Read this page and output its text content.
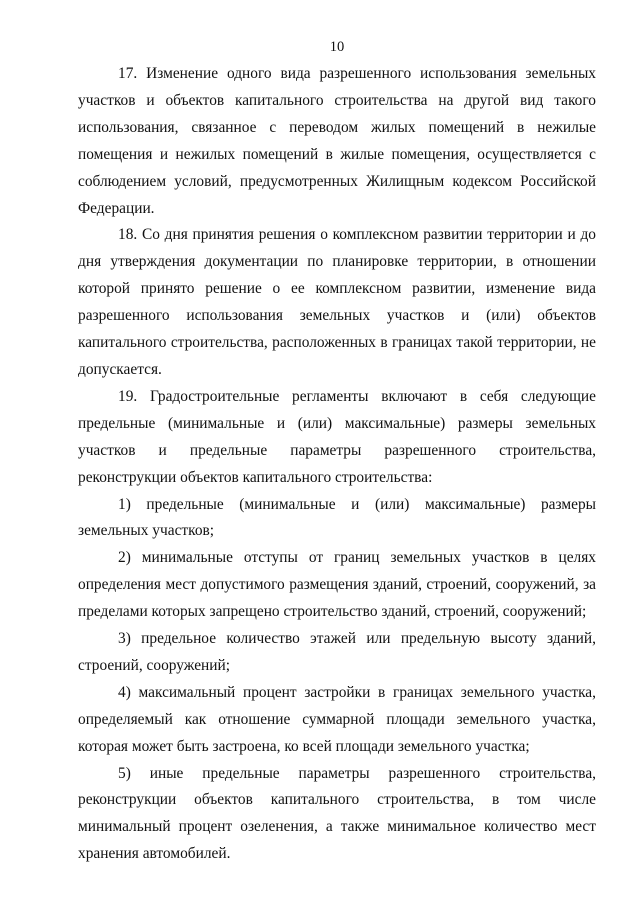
10

17. Изменение одного вида разрешенного использования земельных участков и объектов капитального строительства на другой вид такого использования, связанное с переводом жилых помещений в нежилые помещения и нежилых помещений в жилые помещения, осуществляется с соблюдением условий, предусмотренных Жилищным кодексом Российской Федерации.

18. Со дня принятия решения о комплексном развитии территории и до дня утверждения документации по планировке территории, в отношении которой принято решение о ее комплексном развитии, изменение вида разрешенного использования земельных участков и (или) объектов капитального строительства, расположенных в границах такой территории, не допускается.

19. Градостроительные регламенты включают в себя следующие предельные (минимальные и (или) максимальные) размеры земельных участков и предельные параметры разрешенного строительства, реконструкции объектов капитального строительства:

1) предельные (минимальные и (или) максимальные) размеры земельных участков;

2) минимальные отступы от границ земельных участков в целях определения мест допустимого размещения зданий, строений, сооружений, за пределами которых запрещено строительство зданий, строений, сооружений;

3) предельное количество этажей или предельную высоту зданий, строений, сооружений;

4) максимальный процент застройки в границах земельного участка, определяемый как отношение суммарной площади земельного участка, которая может быть застроена, ко всей площади земельного участка;

5) иные предельные параметры разрешенного строительства, реконструкции объектов капитального строительства, в том числе минимальный процент озеленения, а также минимальное количество мест хранения автомобилей.
